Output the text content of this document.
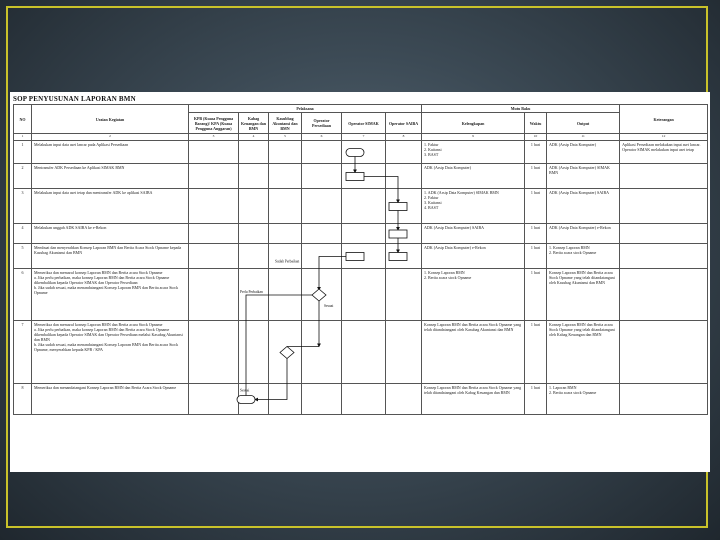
SOP PENYUSUNAN LAPORAN BMN
NO	Uraian Kegiatan	Pelaksana						Mutu Baku			Keterangan
		KPB (Kuasa Pengguna Barang)/ KPA (Kuasa Pengguna Anggaran)	Kabag Keuangan dan BMN	Kasubbag Akuntansi dan BMN	Operator Persediaan	Operator SIMAK	Operator SAIBA	Kelengkapan	Waktu	Output	
1	2	3	4	5	6	7	8	9	10	11	12
1	Melakukan input data aset lancar pada Aplikasi Persediaan							1. Faktur
2. Kuitansi
3. BAST	1 hari	ADK (Arsip Data Komputer)	Aplikasi Persediaan melakukan input aset lancar. Operator SIMAK melakukan input aset tetap
2	Mentransfer ADK Persediaan ke Aplikasi SIMAK BMN							ADK (Arsip Data Komputer)	1 hari	ADK (Arsip Data Komputer) SIMAK BMN	
3	Melakukan input data aset tetap dan mentransfer ADK ke aplikasi SAIBA							1. ADK (Arsip Data Komputer) SIMAK BMN
2. Faktur
3. Kuitansi
4. BAST	1 hari	ADK (Arsip Data Komputer) SAIBA	
4	Melakukan unggah ADK SAIBA ke e-Rekon							ADK (Arsip Data Komputer) SAIBA	1 hari	ADK (Arsip Data Komputer) e-Rekon	
5	Membuat dan menyerahkan Konsep Laporan BMN dan Berita Acara Stock Opname kepada Kasubag Akuntansi dan BMN							ADK (Arsip Data Komputer) e-Rekon	1 hari	1. Konsep Laporan BMN
2. Berita acara stock Opname	
6	Memeriksa dan memaraf konsep Laporan BMN dan Berita acara Stock Opname
a. Jika perlu perbaikan, maka konsep Laporan BMN dan Berita acara Stock Opname dikembalikan kepada Operator SIMAK dan Operator Persediaan
b. Jika sudah sesuai, maka menandatangani Konsep Laporan BMN dan Berita acara Stock Opname							1. Konsep Laporan BMN
2. Berita acara stock Opname	1 hari	Konsep Laporan BMN dan Berita acara Stock Opname yang telah ditandatangani oleh Kasubag Akuntansi dan BMN	
7	Memeriksa dan memaraf konsep Laporan BMN dan Berita acara Stock Opname
a. Jika perlu perbaikan, maka konsep Laporan BMN dan Berita acara Stock Opname dikembalikan kepada Operator SIMAK dan Operator Persediaan melalui Kasubag Akuntansi dan BMN
b. Jika sudah sesuai, maka menandatangani Konsep Laporan BMN dan Berita acara Stock Opname, menyerahkan kepada KPB / KPA							Konsep Laporan BMN dan Berita acara Stock Opname yang telah ditandatangani oleh Kasubag Akuntansi dan BMN	1 hari	Konsep Laporan BMN dan Berita acara Stock Opname yang telah ditandatangani oleh Kabag Keuangan dan BMN	
8	Memeriksa dan menandatangani Konsep Laporan BMN dan Berita Acara Stock Opname							Konsep Laporan BMN dan Berita acara Stock Opname yang telah ditandatangani oleh Kabag Keuangan dan BMN	1 hari	1. Laporan BMN
2. Berita acara stock Opname	
Perlu Perbaikan
Sudah Perbaikan
Sesuai
Sesuai
